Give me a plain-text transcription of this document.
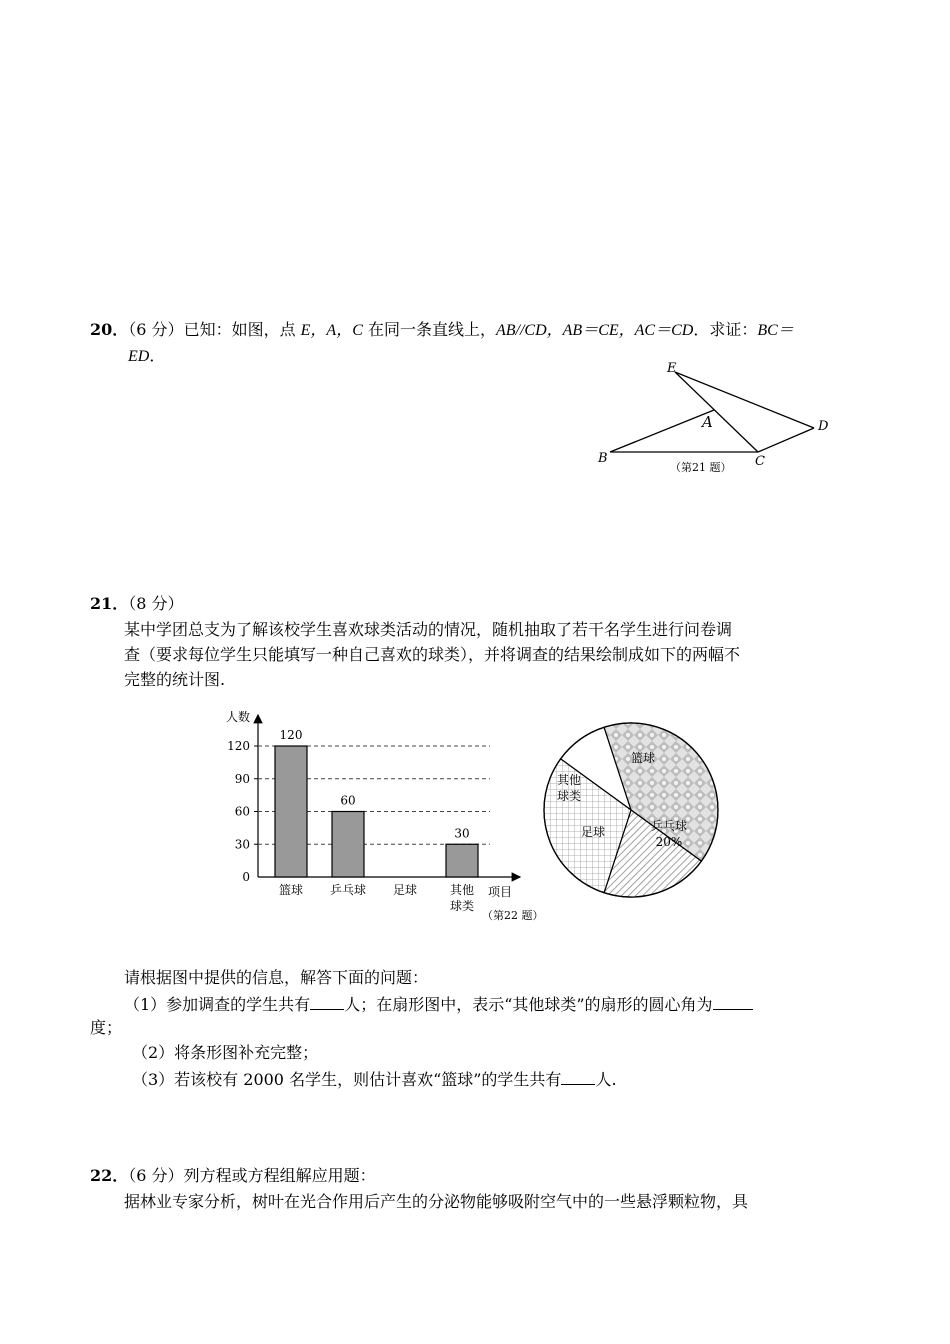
20．（6 分）已知：如图，点 E，A，C 在同一条直线上，AB//CD，AB＝CE，AC＝CD．求证：BC＝
ED．
E
A
B	C
D
（第21 题）
21．（8 分）
某中学团总支为了解该校学生喜欢球类活动的情况，随机抽取了若干名学生进行问卷调
查（要求每位学生只能填写一种自己喜欢的球类），并将调查的结果绘制成如下的两幅不
完整的统计图.
人数
项目
0
30
60
90
120
120
60
30
篮球 乒乓球 足球	其他
球类
（第22 题）
篮球
乒乓球
20%
足球
其他
球类
请根据图中提供的信息，解答下面的问题：
（1）参加调查的学生共有 人；在扇形图中，表示“其他球类”的扇形的圆心角为
度；
（2）将条形图补充完整；
（3）若该校有 2000 名学生，则估计喜欢“篮球”的学生共有 人.
22．（6 分）列方程或方程组解应用题：
据林业专家分析，树叶在光合作用后产生的分泌物能够吸附空气中的一些悬浮颗粒物，具
